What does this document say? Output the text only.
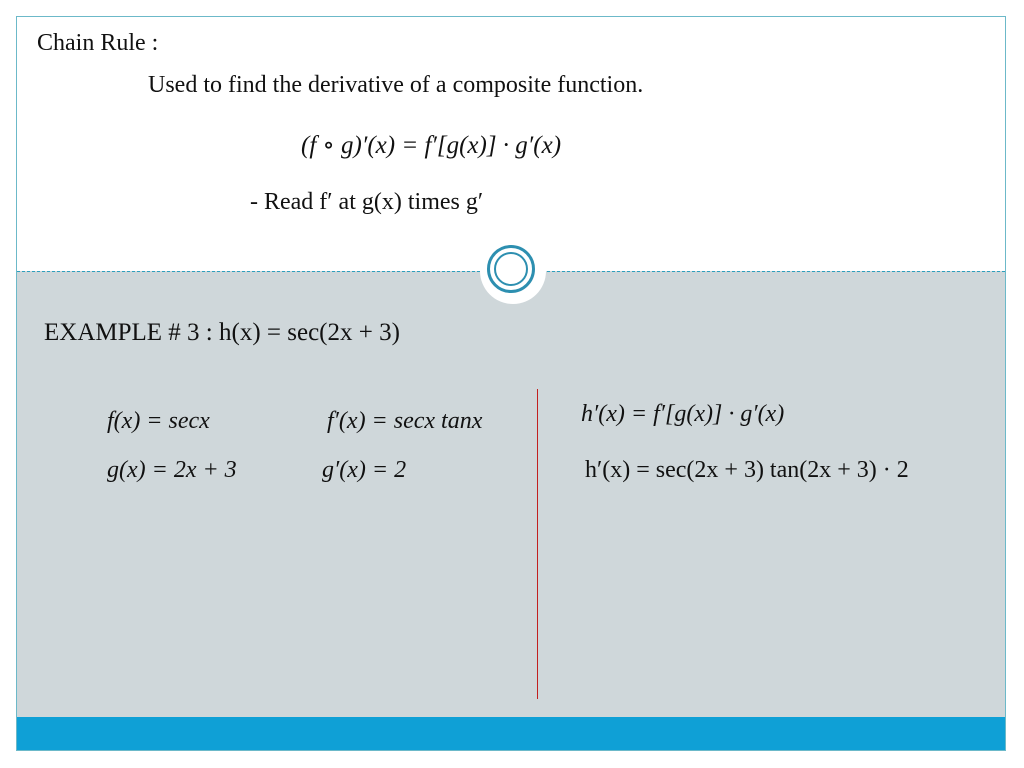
Chain Rule :
Used to find the derivative of a composite function.
(f ∘ g)′(x) = f′[g(x)] · g′(x)
- Read f′ at g(x) times g′
EXAMPLE # 3 : h(x) = sec(2x + 3)
f(x) = secx
g(x) = 2x + 3
f′(x) = secx tanx
g′(x) = 2
h′(x) = f′[g(x)] · g′(x)
h′(x) = sec(2x + 3) tan(2x + 3) · 2
